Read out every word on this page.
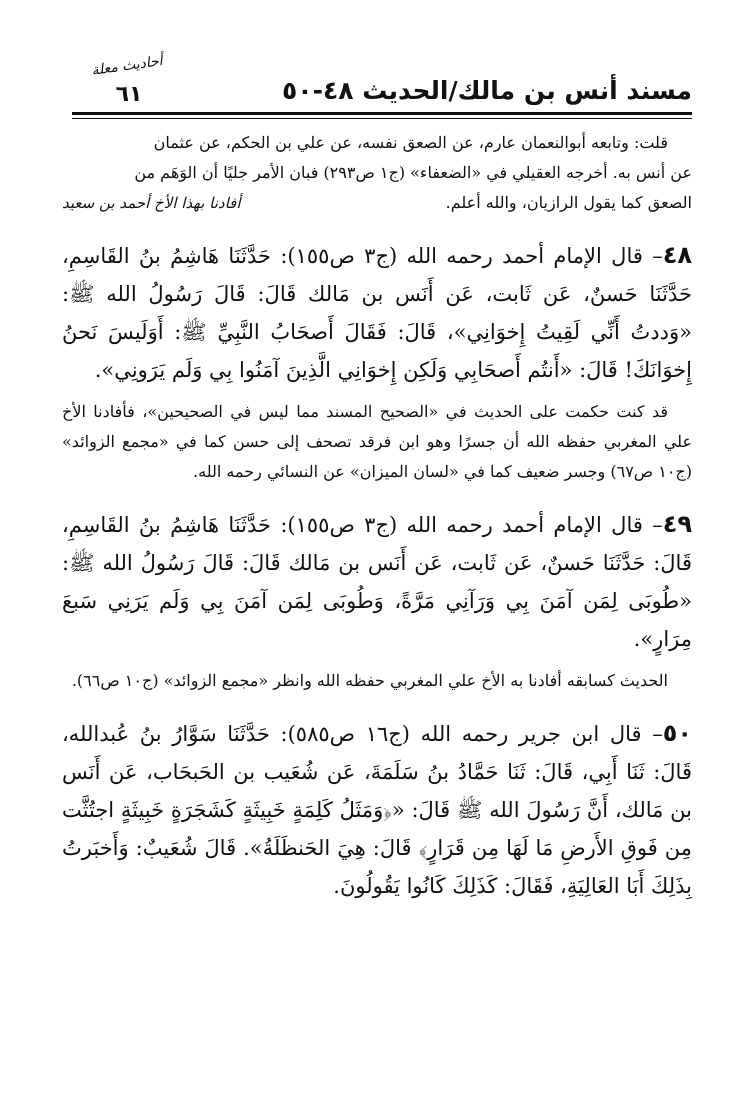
مسند أنس بن مالك/الحديث ٤٨-٥٠
أحاديث معلة
٦١

قلت: وتابعه أبوالنعمان عارم، عن الصعق نفسه، عن علي بن الحكم، عن عثمان

عن أنس به. أخرجه العقيلي في «الضعفاء» (ج١ ص٢٩٣) فبان الأمر جليًا أن الوَهَم من

الصعق كما يقول الرازيان، والله أعلم.
أفادنا بهذا الأخ أحمد بن سعيد

٤٨– قال الإمام أحمد رحمه الله (ج٣ ص١٥٥): حَدَّثَنَا هَاشِمُ بنُ القَاسِمِ، حَدَّثَنَا حَسنٌ، عَن ثَابت، عَن أَنَس بن مَالك قَالَ: قَالَ رَسُولُ الله ﷺ: «وَددتُ أَنِّي لَقِيتُ إِخوَانِي»، قَالَ: فَقَالَ أَصحَابُ النَّبِيِّ ﷺ: أَوَلَيسَ نَحنُ إِخوَانَكَ! قَالَ: «أَنتُم أَصحَابِي وَلَكِن إِخوَانِي الَّذِينَ آمَنُوا بِي وَلَم يَرَونِي».

قد كنت حكمت على الحديث في «الصحيح المسند مما ليس في الصحيحين»، فأفادنا الأخ علي المغربي حفظه الله أن جسرًا وهو ابن فرقد تصحف إلى حسن كما في «مجمع الزوائد» (ج١٠ ص٦٧) وجسر ضعيف كما في «لسان الميزان» عن النسائي رحمه الله.

٤٩– قال الإمام أحمد رحمه الله (ج٣ ص١٥٥): حَدَّثَنَا هَاشِمُ بنُ القَاسِمِ، قَالَ: حَدَّثَنَا حَسنٌ، عَن ثَابت، عَن أَنَس بن مَالك قَالَ: قَالَ رَسُولُ الله ﷺ: «طُوبَى لِمَن آمَنَ بِي وَرَآنِي مَرَّةً، وَطُوبَى لِمَن آمَنَ بِي وَلَم يَرَنِي سَبعَ مِرَارٍ».

الحديث كسابقه أفادنا به الأخ علي المغربي حفظه الله وانظر «مجمع الزوائد» (ج١٠ ص٦٦).

٥٠– قال ابن جرير رحمه الله (ج١٦ ص٥٨٥): حَدَّثَنَا سَوَّارُ بنُ عُبدالله، قَالَ: ثَنَا أَبِي، قَالَ: ثَنَا حَمَّادُ بنُ سَلَمَةَ، عَن شُعَيب بن الحَبحَاب، عَن أَنَس بن مَالك، أَنَّ رَسُولَ الله ﷺ قَالَ: «﴿وَمَثَلُ كَلِمَةٍ خَبِيثَةٍ كَشَجَرَةٍ خَبِيثَةٍ اجتُثَّت مِن فَوقِ الأَرضِ مَا لَهَا مِن قَرَارٍ﴾ قَالَ: هِيَ الحَنظَلَةُ». قَالَ شُعَيبٌ: وَأَخبَرتُ بِذَلِكَ أَبَا العَالِيَةِ، فَقَالَ: كَذَلِكَ كَانُوا يَقُولُونَ.
